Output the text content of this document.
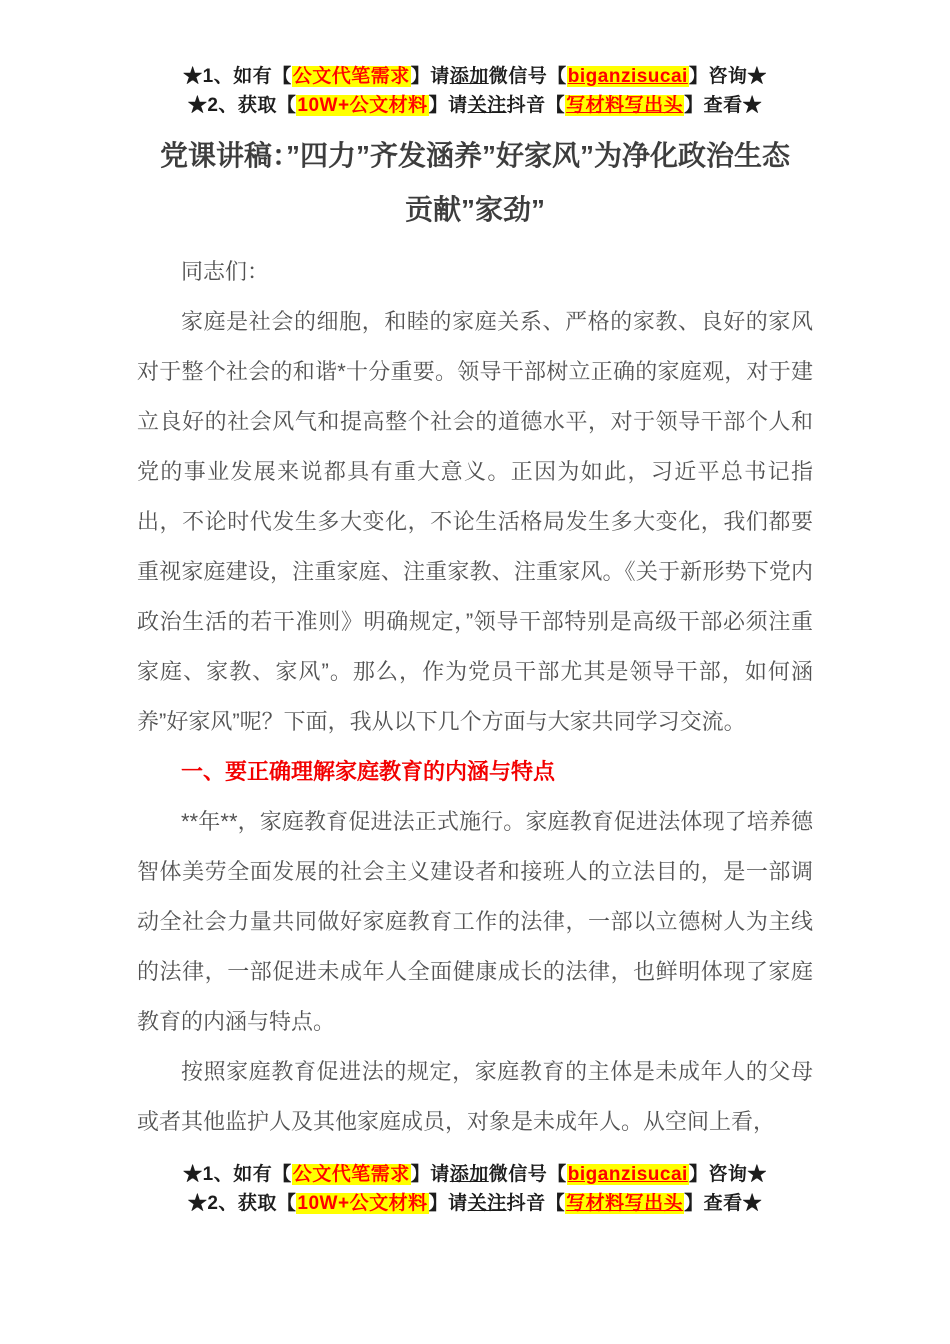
★1、如有【公文代笔需求】请添加微信号【biganzisucai】咨询★
★2、获取【10W+公文材料】请关注抖音【写材料写出头】查看★
党课讲稿：”四力”齐发涵养”好家风”为净化政治生态
贡献”家劲”

同志们：

家庭是社会的细胞，和睦的家庭关系、严格的家教、良好的家风对于整个社会的和谐*十分重要。领导干部树立正确的家庭观，对于建立良好的社会风气和提高整个社会的道德水平，对于领导干部个人和党的事业发展来说都具有重大意义。正因为如此，习近平总书记指出，不论时代发生多大变化，不论生活格局发生多大变化，我们都要重视家庭建设，注重家庭、注重家教、注重家风。《关于新形势下党内政治生活的若干准则》明确规定，”领导干部特别是高级干部必须注重家庭、家教、家风”。那么，作为党员干部尤其是领导干部，如何涵养”好家风”呢？下面，我从以下几个方面与大家共同学习交流。

一、要正确理解家庭教育的内涵与特点

**年**，家庭教育促进法正式施行。家庭教育促进法体现了培养德智体美劳全面发展的社会主义建设者和接班人的立法目的，是一部调动全社会力量共同做好家庭教育工作的法律，一部以立德树人为主线的法律，一部促进未成年人全面健康成长的法律，也鲜明体现了家庭教育的内涵与特点。

按照家庭教育促进法的规定，家庭教育的主体是未成年人的父母或者其他监护人及其他家庭成员，对象是未成年人。从空间上看，

★1、如有【公文代笔需求】请添加微信号【biganzisucai】咨询★
★2、获取【10W+公文材料】请关注抖音【写材料写出头】查看★
